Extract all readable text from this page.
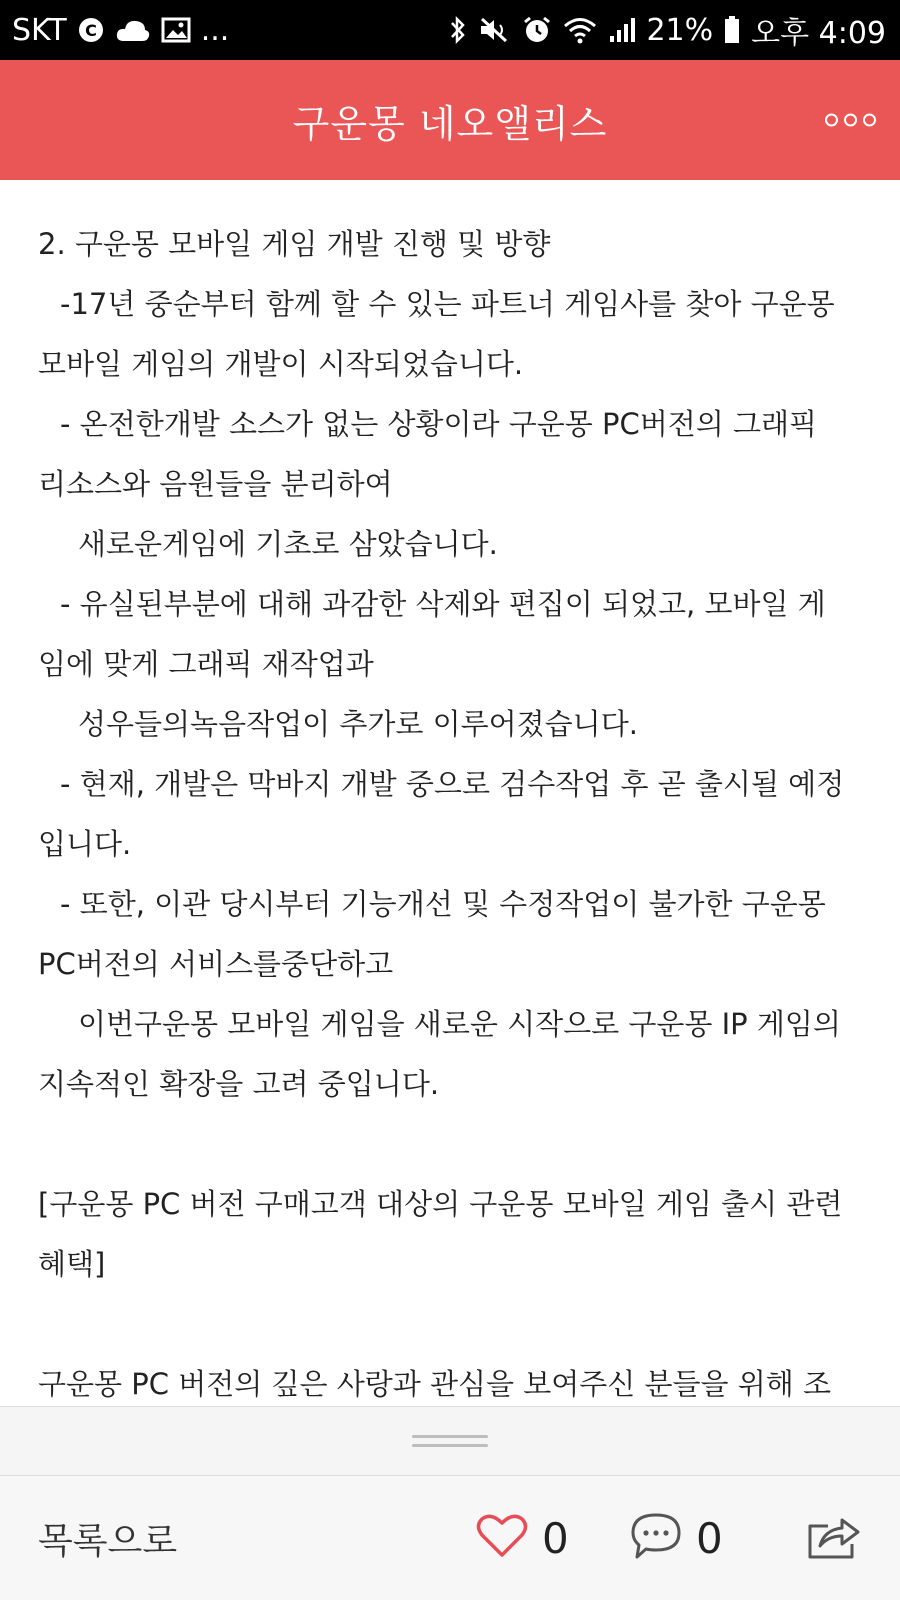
SKT C	...	21% 오후 4:09
구운몽 네오앨리스
2. 구운몽 모바일 게임 개발 진행 및 방향
-17년 중순부터 함께 할 수 있는 파트너 게임사를 찾아 구운몽
모바일 게임의 개발이 시작되었습니다.
- 온전한개발 소스가 없는 상황이라 구운몽 PC버전의 그래픽
리소스와 음원들을 분리하여
새로운게임에 기초로 삼았습니다.
- 유실된부분에 대해 과감한 삭제와 편집이 되었고, 모바일 게
임에 맞게 그래픽 재작업과
성우들의녹음작업이 추가로 이루어졌습니다.
- 현재, 개발은 막바지 개발 중으로 검수작업 후 곧 출시될 예정
입니다.
- 또한, 이관 당시부터 기능개선 및 수정작업이 불가한 구운몽
PC버전의 서비스를중단하고
이번구운몽 모바일 게임을 새로운 시작으로 구운몽 IP 게임의
지속적인 확장을 고려 중입니다.
[구운몽 PC 버전 구매고객 대상의 구운몽 모바일 게임 출시 관련
혜택]
구운몽 PC 버전의 깊은 사랑과 관심을 보여주신 분들을 위해 조
목록으로	0	0
